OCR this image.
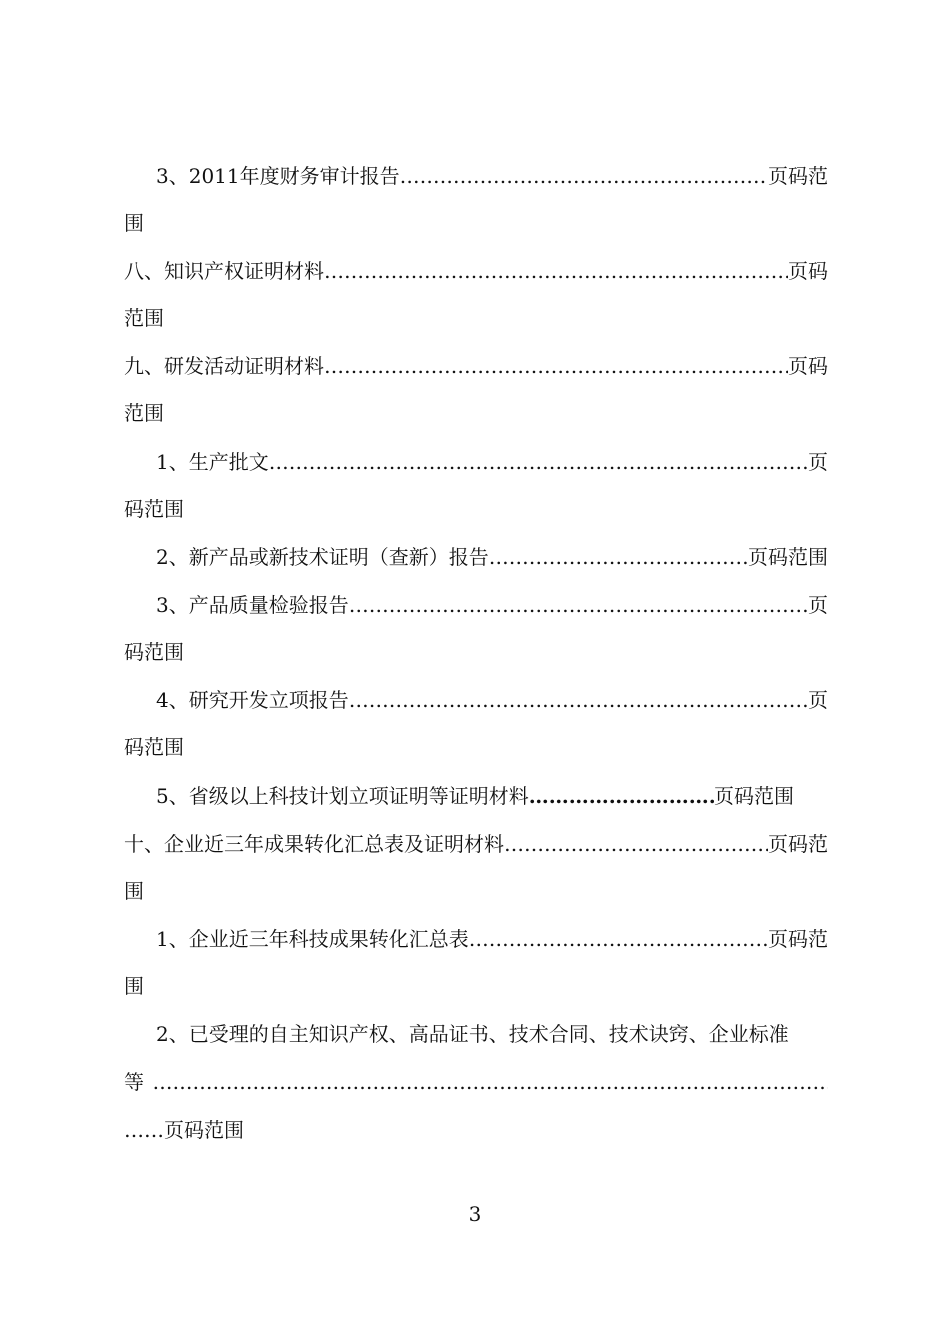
3、2011年度财务审计报告 ……………………………………………………………………………………………………………………………………………………	页码范
围
八、知识产权证明材料 ……………………………………………………………………………………………………………………………………………………	页码
范围
九、研发活动证明材料 ……………………………………………………………………………………………………………………………………………………	页码
范围
1、生产批文 ……………………………………………………………………………………………………………………………………………………	页
码范围
2、新产品或新技术证明（查新）报告 ……………………………………………………………………………………………………………………………………………………	页码范围
3、产品质量检验报告 ……………………………………………………………………………………………………………………………………………………	页
码范围
4、研究开发立项报告 ……………………………………………………………………………………………………………………………………………………	页
码范围
5、省级以上科技计划立项证明等证明材料 ……………………………………………………………………………………………………………………………………………………	页码范围
十、企业近三年成果转化汇总表及证明材料 ……………………………………………………………………………………………………………………………………………………	页码范
围
1、企业近三年科技成果转化汇总表 ……………………………………………………………………………………………………………………………………………………	页码范
围
2、已受理的自主知识产权、高品证书、技术合同、技术诀窍、企业标准
等
……………………………………………………………………………………………………………………………………………………
……页码范围
3
